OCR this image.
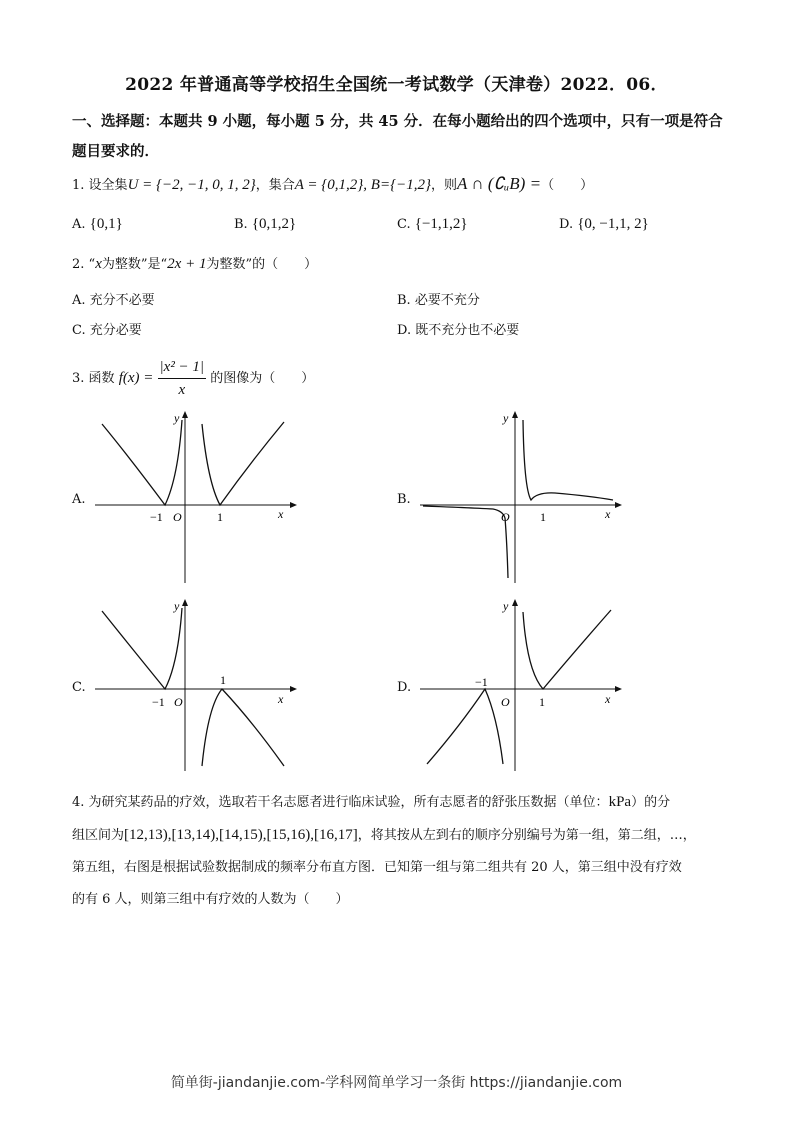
2022 年普通高等学校招生全国统一考试数学（天津卷）2022．06．
一、选择题：本题共 9 小题，每小题 5 分，共 45 分．在每小题给出的四个选项中，只有一项是符合题目要求的．
1. 设全集U = {−2, −1, 0, 1, 2}，集合A = {0,1,2}, B={−1,2}，则A ∩ (∁ᵤB) =（　　）
A. {0,1}	B. {0,1,2}	C. {−1,1,2}	D. {0, −1,1, 2}
2. “x为整数”是“2x + 1为整数”的（　　）
A. 充分不必要	B. 必要不充分
C. 充分必要	D. 既不充分也不必要
3. 函数 $f(x) = \frac{\text{|x² − 1|}}{x}$ 的图像为（　　）
A.
−1	1
O	x
y
B.
1
O	x
y
C.
−1
1
O	x
y
D.	−1
1
O	x
y
4. 为研究某药品的疗效，选取若干名志愿者进行临床试验，所有志愿者的舒张压数据（单位：kPa）的分
组区间为[12,13),[13,14),[14,15),[15,16),[16,17]，将其按从左到右的顺序分别编号为第一组，第二组，…，
第五组，右图是根据试验数据制成的频率分布直方图．已知第一组与第二组共有 20 人，第三组中没有疗效
的有 6 人，则第三组中有疗效的人数为（　　）
简单街-jiandanjie.com-学科网简单学习一条街 https://jiandanjie.com
